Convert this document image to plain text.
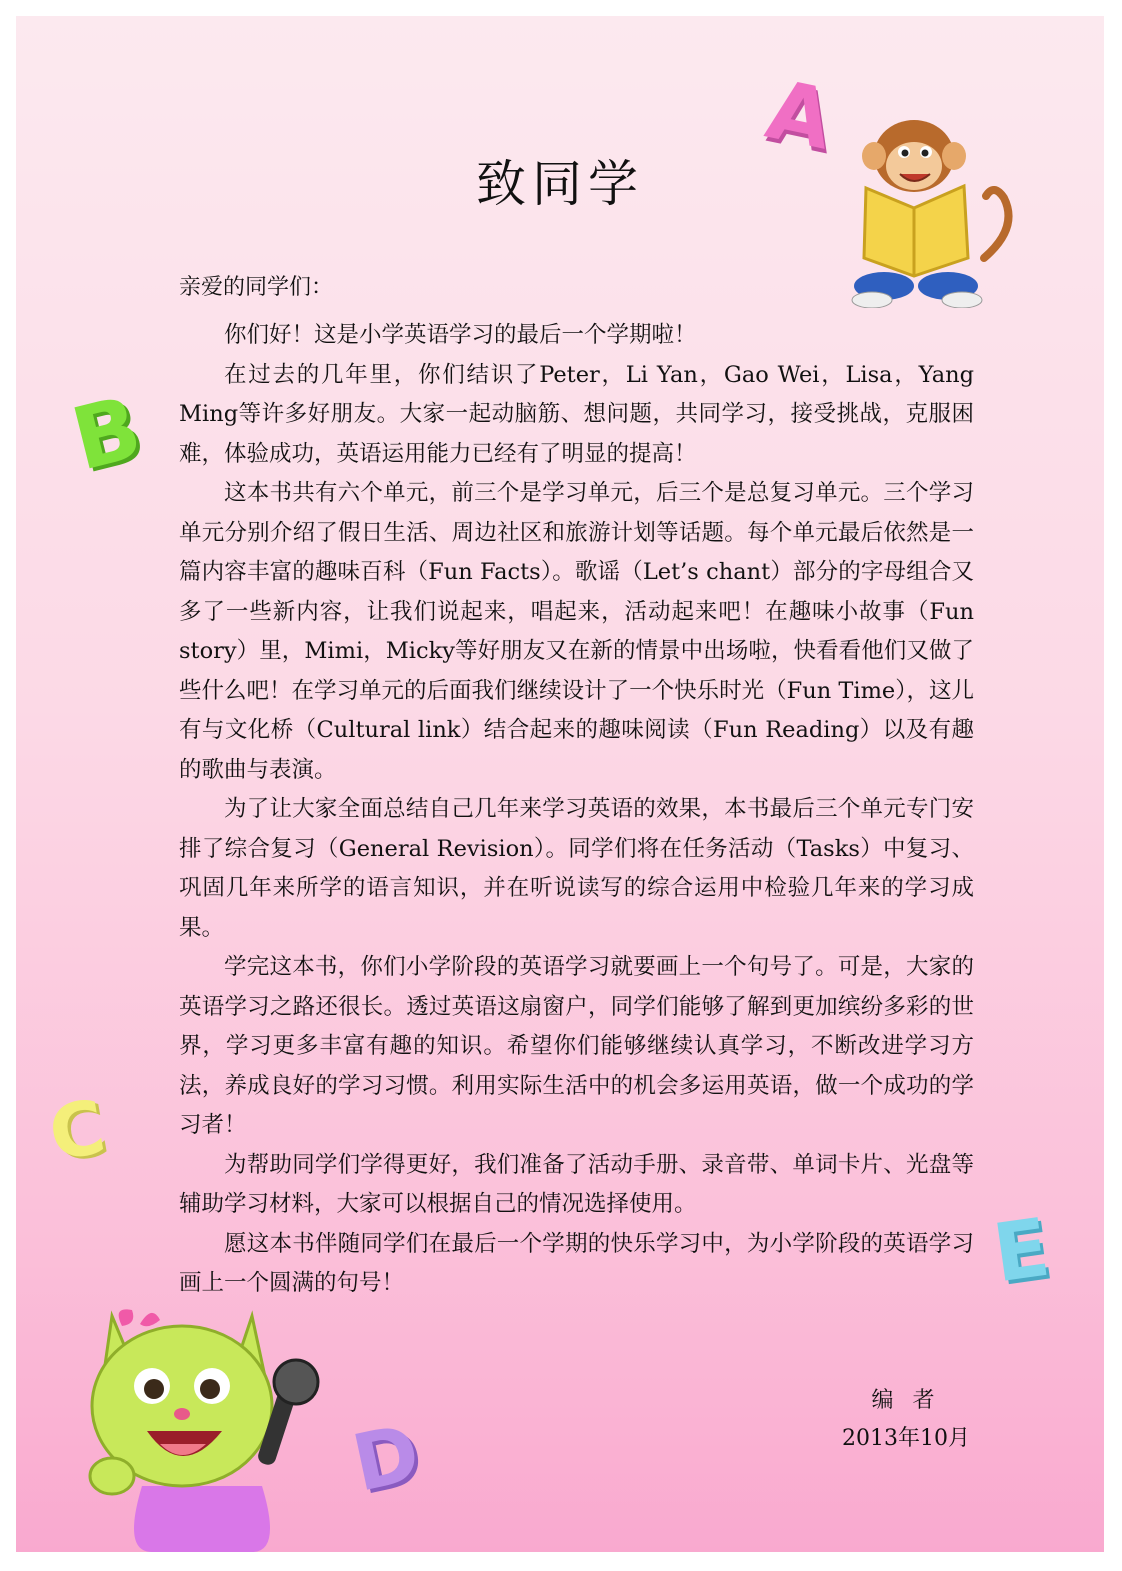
A
B
C
D
E
致同学
亲爱的同学们：

你们好！这是小学英语学习的最后一个学期啦！

在过去的几年里，你们结识了Peter，Li Yan，Gao Wei，Lisa，Yang Ming等许多好朋友。大家一起动脑筋、想问题，共同学习，接受挑战，克服困难，体验成功，英语运用能力已经有了明显的提高！

这本书共有六个单元，前三个是学习单元，后三个是总复习单元。三个学习单元分别介绍了假日生活、周边社区和旅游计划等话题。每个单元最后依然是一篇内容丰富的趣味百科（Fun Facts）。歌谣（Let’s chant）部分的字母组合又多了一些新内容，让我们说起来，唱起来，活动起来吧！在趣味小故事（Fun story）里，Mimi，Micky等好朋友又在新的情景中出场啦，快看看他们又做了些什么吧！在学习单元的后面我们继续设计了一个快乐时光（Fun Time），这儿有与文化桥（Cultural link）结合起来的趣味阅读（Fun Reading）以及有趣的歌曲与表演。

为了让大家全面总结自己几年来学习英语的效果，本书最后三个单元专门安排了综合复习（General Revision）。同学们将在任务活动（Tasks）中复习、巩固几年来所学的语言知识，并在听说读写的综合运用中检验几年来的学习成果。

学完这本书，你们小学阶段的英语学习就要画上一个句号了。可是，大家的英语学习之路还很长。透过英语这扇窗户，同学们能够了解到更加缤纷多彩的世界，学习更多丰富有趣的知识。希望你们能够继续认真学习，不断改进学习方法，养成良好的学习习惯。利用实际生活中的机会多运用英语，做一个成功的学习者！

为帮助同学们学得更好，我们准备了活动手册、录音带、单词卡片、光盘等辅助学习材料，大家可以根据自己的情况选择使用。

愿这本书伴随同学们在最后一个学期的快乐学习中，为小学阶段的英语学习画上一个圆满的句号！

编 者
2013年10月
